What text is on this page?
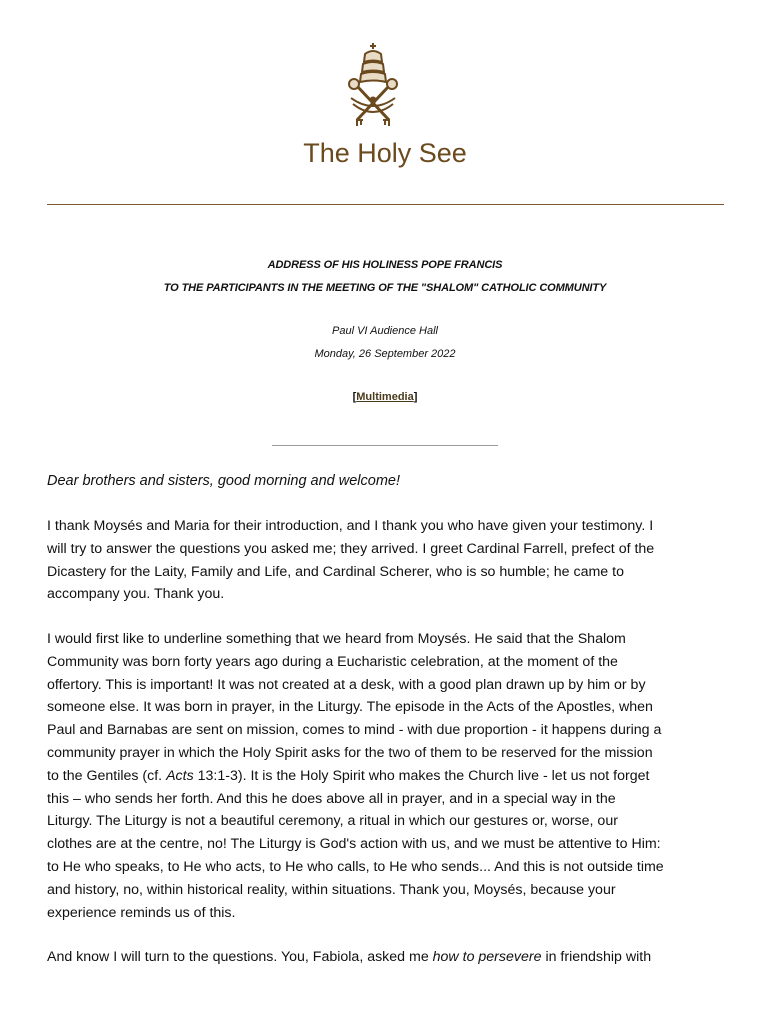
The Holy See
ADDRESS OF HIS HOLINESS POPE FRANCIS
TO THE PARTICIPANTS IN THE MEETING OF THE "SHALOM" CATHOLIC COMMUNITY
Paul VI Audience Hall
Monday, 26 September 2022
[Multimedia]
Dear brothers and sisters, good morning and welcome!
I thank Moysés and Maria for their introduction, and I thank you who have given your testimony. I
will try to answer the questions you asked me; they arrived. I greet Cardinal Farrell, prefect of the
Dicastery for the Laity, Family and Life, and Cardinal Scherer, who is so humble; he came to
accompany you. Thank you.
I would first like to underline something that we heard from Moysés. He said that the Shalom
Community was born forty years ago during a Eucharistic celebration, at the moment of the
offertory. This is important! It was not created at a desk, with a good plan drawn up by him or by
someone else. It was born in prayer, in the Liturgy. The episode in the Acts of the Apostles, when
Paul and Barnabas are sent on mission, comes to mind - with due proportion - it happens during a
community prayer in which the Holy Spirit asks for the two of them to be reserved for the mission
to the Gentiles (cf. Acts 13:1-3). It is the Holy Spirit who makes the Church live - let us not forget
this – who sends her forth. And this he does above all in prayer, and in a special way in the
Liturgy. The Liturgy is not a beautiful ceremony, a ritual in which our gestures or, worse, our
clothes are at the centre, no! The Liturgy is God's action with us, and we must be attentive to Him:
to He who speaks, to He who acts, to He who calls, to He who sends... And this is not outside time
and history, no, within historical reality, within situations. Thank you, Moysés, because your
experience reminds us of this.
And know I will turn to the questions. You, Fabiola, asked me how to persevere in friendship with
